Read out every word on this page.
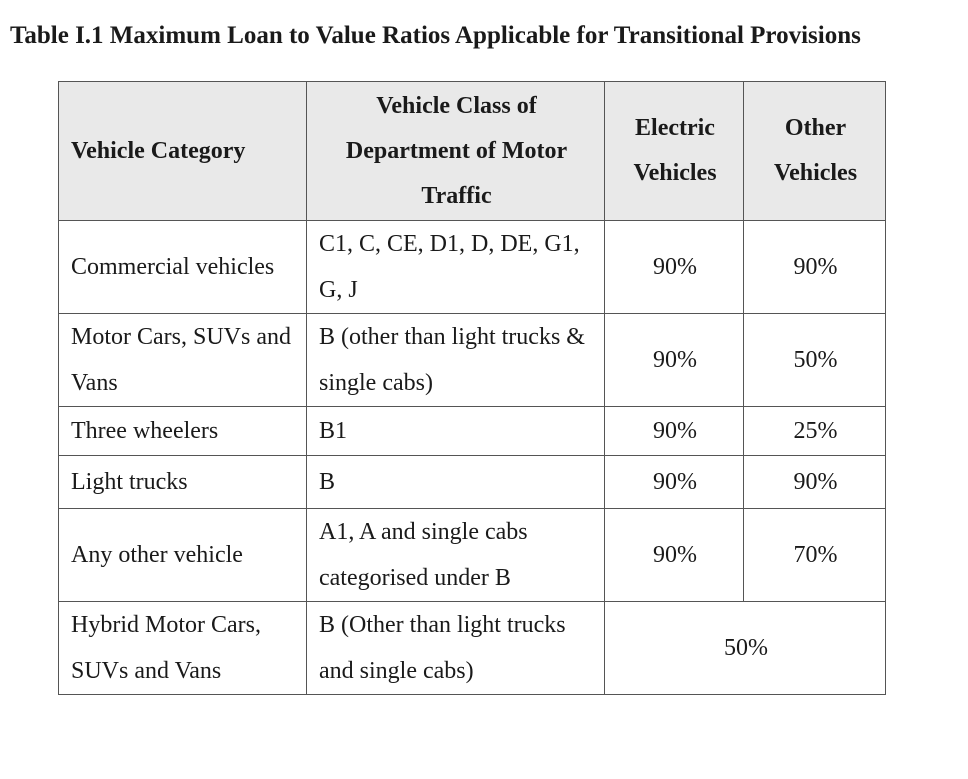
Table I.1 Maximum Loan to Value Ratios Applicable for Transitional Provisions
Vehicle Category	Vehicle Class of Department of Motor Traffic	Electric Vehicles	Other Vehicles
Commercial vehicles	C1, C, CE, D1, D, DE, G1, G, J	90%	90%
Motor Cars, SUVs and Vans	B (other than light trucks & single cabs)	90%	50%
Three wheelers	B1	90%	25%
Light trucks	B	90%	90%
Any other vehicle	A1, A and single cabs categorised under B	90%	70%
Hybrid Motor Cars, SUVs and Vans	B (Other than light trucks and single cabs)	50%	
